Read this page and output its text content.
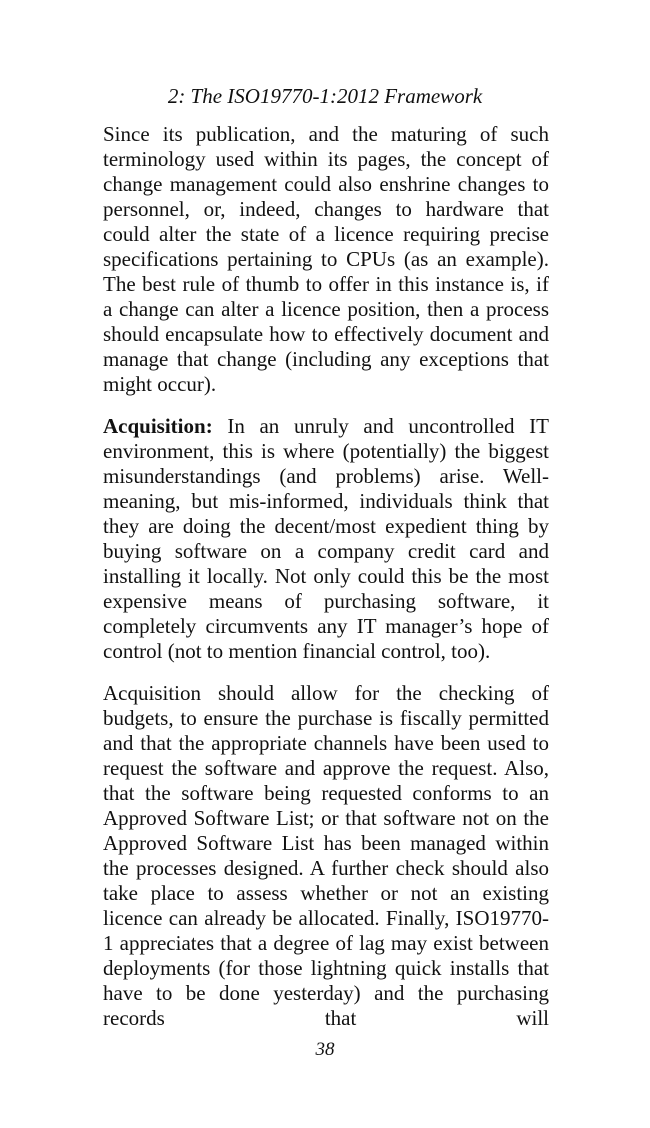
2: The ISO19770-1:2012 Framework

Since its publication, and the maturing of such terminology used within its pages, the concept of change management could also enshrine changes to personnel, or, indeed, changes to hardware that could alter the state of a licence requiring precise specifications pertaining to CPUs (as an example). The best rule of thumb to offer in this instance is, if a change can alter a licence position, then a process should encapsulate how to effectively document and manage that change (including any exceptions that might occur).

Acquisition: In an unruly and uncontrolled IT environment, this is where (potentially) the biggest misunderstandings (and problems) arise. Well-meaning, but mis-informed, individuals think that they are doing the decent/most expedient thing by buying software on a company credit card and installing it locally. Not only could this be the most expensive means of purchasing software, it completely circumvents any IT manager’s hope of control (not to mention financial control, too).

Acquisition should allow for the checking of budgets, to ensure the purchase is fiscally permitted and that the appropriate channels have been used to request the software and approve the request. Also, that the software being requested conforms to an Approved Software List; or that software not on the Approved Software List has been managed within the processes designed. A further check should also take place to assess whether or not an existing licence can already be allocated. Finally, ISO19770-1 appreciates that a degree of lag may exist between deployments (for those lightning quick installs that have to be done yesterday) and the purchasing records that will

38
